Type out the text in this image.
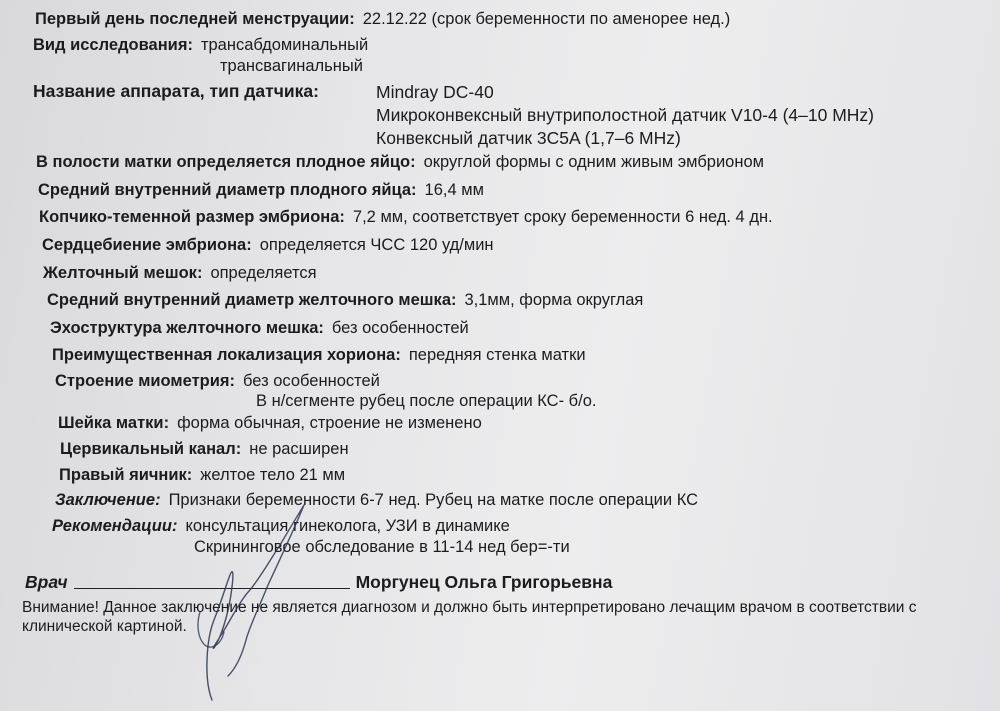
Первый день последней менструации: 22.12.22 (срок беременности по аменорее нед.)
Вид исследования: трансабдоминальный
трансвагинальный
Название аппарата, тип датчика:	Mindray DC-40
Микроконвексный внутриполостной датчик V10-4 (4–10 MHz)
Конвексный датчик 3C5A (1,7–6 MHz)
В полости матки определяется плодное яйцо: округлой формы с одним живым эмбрионом
Средний внутренний диаметр плодного яйца: 16,4 мм
Копчико-теменной размер эмбриона: 7,2 мм, соответствует сроку беременности 6 нед. 4 дн.
Сердцебиение эмбриона: определяется ЧСС 120 уд/мин
Желточный мешок: определяется
Средний внутренний диаметр желточного мешка: 3,1мм, форма округлая
Эхоструктура желточного мешка: без особенностей
Преимущественная локализация хориона: передняя стенка матки
Строение миометрия: без особенностей
В н/сегменте рубец после операции КС- б/о.
Шейка матки: форма обычная, строение не изменено
Цервикальный канал: не расширен
Правый яичник: желтое тело 21 мм
Заключение: Признаки беременности 6-7 нед. Рубец на матке после операции КС
Рекомендации: консультация гинеколога, УЗИ в динамике
Скрининговое обследование в 11-14 нед бер=-ти
Врач	Моргунец Ольга Григорьевна
Внимание! Данное заключение не является диагнозом и должно быть интерпретировано лечащим врачом в соответствии с
клинической картиной.
